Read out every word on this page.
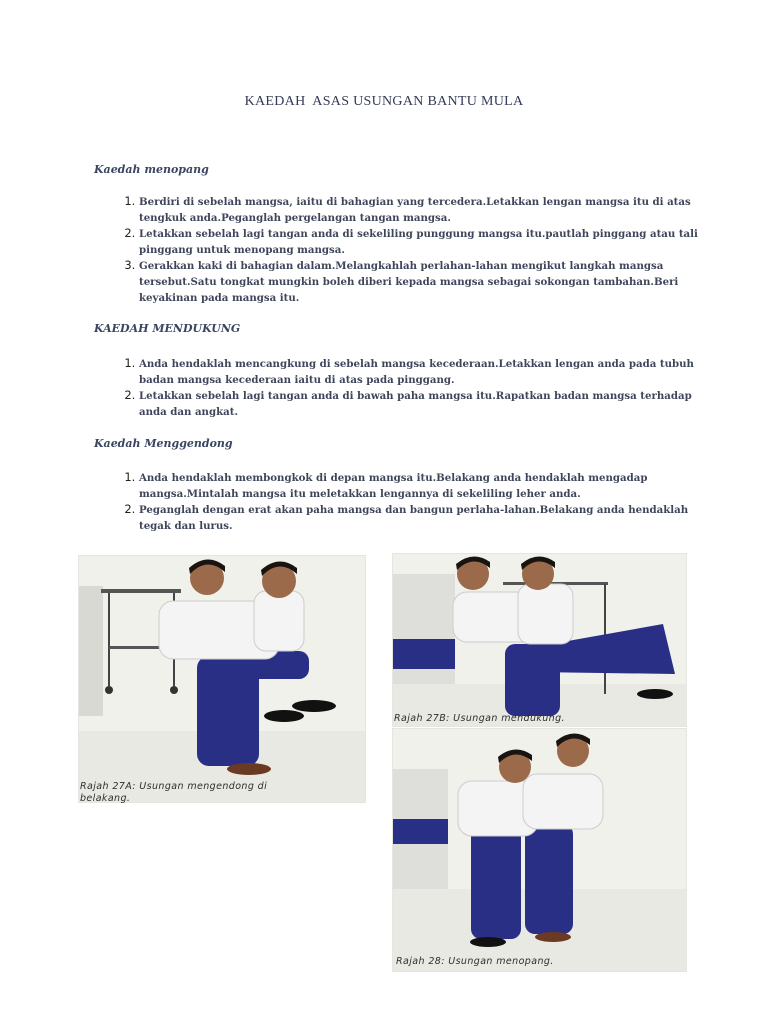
KAEDAH  ASAS USUNGAN BANTU MULA
Kaedah menopang
1. Berdiri di sebelah mangsa, iaitu di bahagian yang tercedera.Letakkan lengan mangsa itu di atas tengkuk anda.Peganglah pergelangan tangan mangsa.
2. Letakkan sebelah lagi tangan anda di sekeliling punggung mangsa itu.pautlah pinggang atau tali pinggang untuk menopang mangsa.
3. Gerakkan kaki di bahagian dalam.Melangkahlah perlahan-lahan mengikut langkah mangsa tersebut.Satu tongkat mungkin boleh diberi kepada mangsa sebagai sokongan tambahan.Beri keyakinan pada mangsa itu.
KAEDAH MENDUKUNG
1. Anda hendaklah mencangkung di sebelah mangsa kecederaan.Letakkan lengan anda pada tubuh badan mangsa kecederaan iaitu di atas pada pinggang.
2. Letakkan sebelah lagi tangan anda di bawah paha mangsa itu.Rapatkan badan mangsa terhadap anda dan angkat.
Kaedah Menggendong
1. Anda hendaklah membongkok di depan mangsa itu.Belakang anda hendaklah mengadap mangsa.Mintalah mangsa itu meletakkan lengannya di sekeliling leher anda.
2. Peganglah dengan erat akan paha mangsa dan bangun perlaha-lahan.Belakang anda hendaklah tegak dan lurus.
Rajah 27A: Usungan mengendong di
belakang.
Rajah 27B: Usungan mendukung.
Rajah 28: Usungan menopang.
